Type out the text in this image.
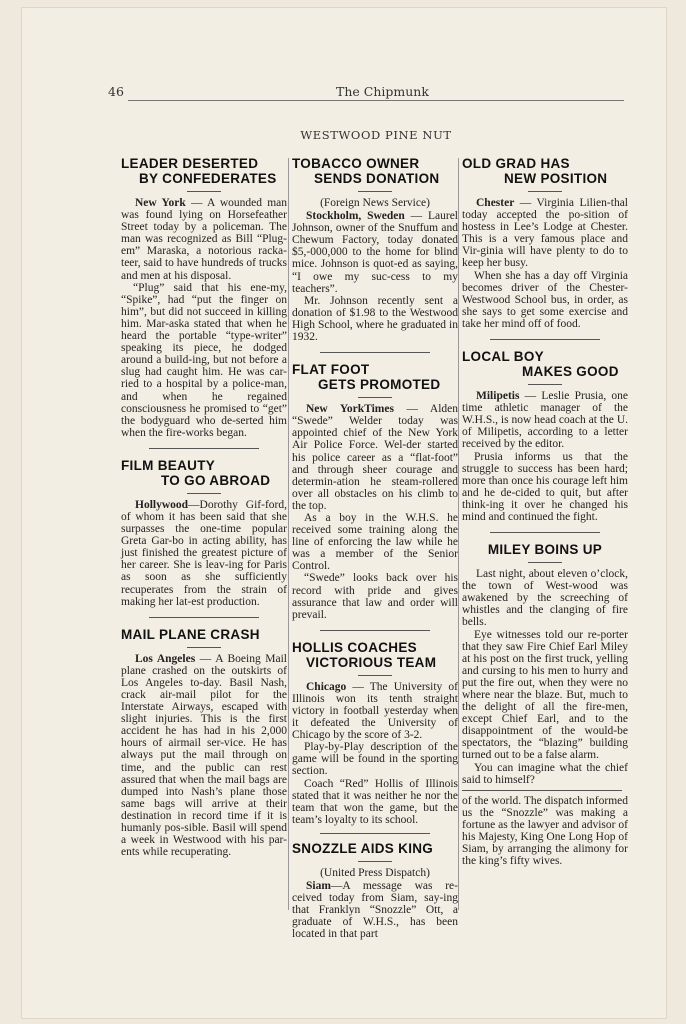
46	The Chipmunk
WESTWOOD PINE NUT
LEADER DESERTED
BY CONFEDERATES

New York — A wounded man was found lying on Horsefeather Street today by a policeman. The man was recognized as Bill “Plug-em” Maraska, a notorious racka-teer, said to have hundreds of trucks and men at his disposal.

“Plug” said that his ene-my, “Spike”, had “put the finger on him”, but did not succeed in killing him. Mar-aska stated that when he heard the portable “type-writer” speaking its piece, he dodged around a build-ing, but not before a slug had caught him. He was car-ried to a hospital by a police-man, and when he regained consciousness he promised to “get” the bodyguard who de-serted him when the fire-works began.

FILM BEAUTY
TO GO ABROAD

Hollywood—Dorothy Gif-ford, of whom it has been said that she surpasses the one-time popular Greta Gar-bo in acting ability, has just finished the greatest picture of her career. She is leav-ing for Paris as soon as she sufficiently recuperates from the strain of making her lat-est production.

MAIL PLANE CRASH

Los Angeles — A Boeing Mail plane crashed on the outskirts of Los Angeles to-day. Basil Nash, crack air-mail pilot for the Interstate Airways, escaped with slight injuries. This is the first accident he has had in his 2,000 hours of airmail ser-vice. He has always put the mail through on time, and the public can rest assured that when the mail bags are dumped into Nash’s plane those same bags will arrive at their destination in record time if it is humanly pos-sible. Basil will spend a week in Westwood with his par-ents while recuperating.

TOBACCO OWNER
SENDS DONATION

(Foreign News Service)

Stockholm, Sweden — Laurel Johnson, owner of the Snuffum and Chewum Factory, today donated $5,-000,000 to the home for blind mice. Johnson is quot-ed as saying, “I owe my suc-cess to my teachers”.

Mr. Johnson recently sent a donation of $1.98 to the Westwood High School, where he graduated in 1932.

FLAT FOOT
GETS PROMOTED

New YorkTimes — Alden “Swede” Welder today was appointed chief of the New York Air Police Force. Wel-der started his police career as a “flat-foot” and through sheer courage and determin-ation he steam-rollered over all obstacles on his climb to the top.

As a boy in the W.H.S. he received some training along the line of enforcing the law while he was a member of the Senior Control.

“Swede” looks back over his record with pride and gives assurance that law and order will prevail.

HOLLIS COACHES
VICTORIOUS TEAM

Chicago — The University of Illinois won its tenth straight victory in football yesterday when it defeated the University of Chicago by the score of 3-2.

Play-by-Play description of the game will be found in the sporting section.

Coach “Red” Hollis of Illinois stated that it was neither he nor the team that won the game, but the team’s loyalty to its school.

SNOZZLE AIDS KING

(United Press Dispatch)

Siam—A message was re-ceived today from Siam, say-ing that Franklyn “Snozzle” Ott, a graduate of W.H.S., has been located in that part

OLD GRAD HAS
NEW POSITION

Chester — Virginia Lilien-thal today accepted the po-sition of hostess in Lee’s Lodge at Chester. This is a very famous place and Vir-ginia will have plenty to do to keep her busy.

When she has a day off Virginia becomes driver of the Chester-Westwood School bus, in order, as she says to get some exercise and take her mind off of food.

LOCAL BOY
MAKES GOOD

Milipetis — Leslie Prusia, one time athletic manager of the W.H.S., is now head coach at the U. of Milipetis, according to a letter received by the editor.

Prusia informs us that the struggle to success has been hard; more than once his courage left him and he de-cided to quit, but after think-ing it over he changed his mind and continued the fight.

MILEY BOINS UP

Last night, about eleven o’clock, the town of West-wood was awakened by the screeching of whistles and the clanging of fire bells.

Eye witnesses told our re-porter that they saw Fire Chief Earl Miley at his post on the first truck, yelling and cursing to his men to hurry and put the fire out, when they were no where near the blaze. But, much to the delight of all the fire-men, except Chief Earl, and to the disappointment of the would-be spectators, the “blazing” building turned out to be a false alarm.

You can imagine what the chief said to himself?

of the world. The dispatch informed us the “Snozzle” was making a fortune as the lawyer and advisor of his Majesty, King One Long Hop of Siam, by arranging the alimony for the king’s fifty wives.
